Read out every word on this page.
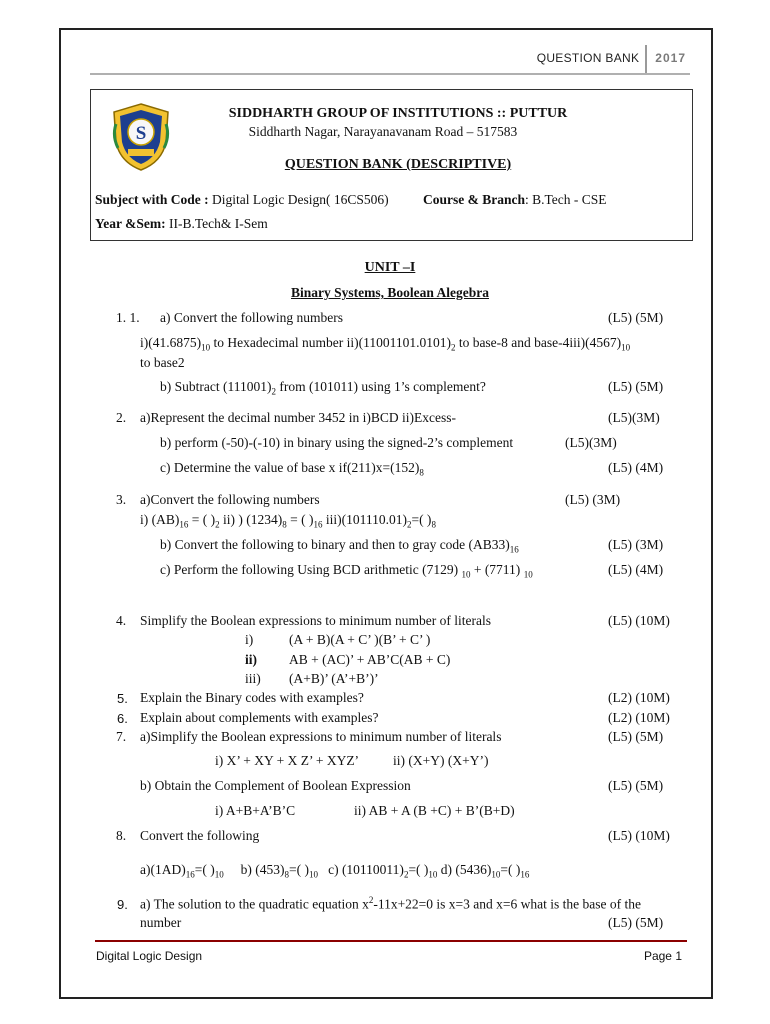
QUESTION BANK	2017
S
SIDDHARTH GROUP OF INSTITUTIONS :: PUTTUR
Siddharth Nagar, Narayanavanam Road – 517583
QUESTION BANK (DESCRIPTIVE)
Subject with Code : Digital Logic Design( 16CS506)	Course & Branch: B.Tech - CSE
Year &Sem: II-B.Tech& I-Sem
UNIT –I
Binary Systems, Boolean Alegebra
1. 1. a) Convert the following numbers	(L5) (5M)
$i)(41.6875)_{10}$ to Hexadecimal number $ii)(11001101.0101)_2$ to base-8 and base-$4iii)(4567)_{10}$
to base2
b) Subtract $(111001)_2$ from (101011) using 1’s complement?	(L5) (5M)
2. a)Represent the decimal number 3452 in i)BCD ii)Excess-	(L5)(3M)
b) perform (-50)-(-10) in binary using the signed-2’s complement	(L5)(3M)
c) Determine the value of base x $if(211)x=(152)_8$	(L5) (4M)
3. a)Convert the following numbers	(L5) (3M)
i) $(AB)_{16}$ = ( )$_2$ ii) ) $(1234)_8$ = ( )$_{16}$ $iii)(101110.01)_2=$( )$_8$
b) Convert the following to binary and then to gray code $(AB33)_{16}$	(L5) (3M)
c) Perform the following Using BCD arithmetic (7129) $_{10}$ + (7711) $_{10}$	(L5) (4M)
4. Simplify the Boolean expressions to minimum number of literals	(L5) (10M)
i)	(A + B)(A + C’ )(B’ + C’ )
ii) AB + (AC)’ + AB’C(AB + C)
iii) (A+B)’ (A’+B’)’
5. Explain the Binary codes with examples?	(L2) (10M)
6. Explain about complements with examples?	(L2) (10M)
7. a)Simplify the Boolean expressions to minimum number of literals	(L5) (5M)
i) X’ + XY + X Z’ + XYZ’	ii) (X+Y) (X+Y’)
b) Obtain the Complement of Boolean Expression	(L5) (5M)
i) A+B+A’B’C	ii) AB + A (B +C) + B’(B+D)
8. Convert the following	(L5) (10M)
$a)(1AD)_{16}=$( )$_{10}$     b) $(453)_8=$( )$_{10}$   c) $(10110011)_2=$( )$_{10}$ d) $(5436)_{10}=$( )$_{16}$
9. a) The solution to the quadratic equation $x^2-11x+22=0$ is x=3 and x=6 what is the base of the
number	(L5) (5M)
Digital Logic Design	Page 1
